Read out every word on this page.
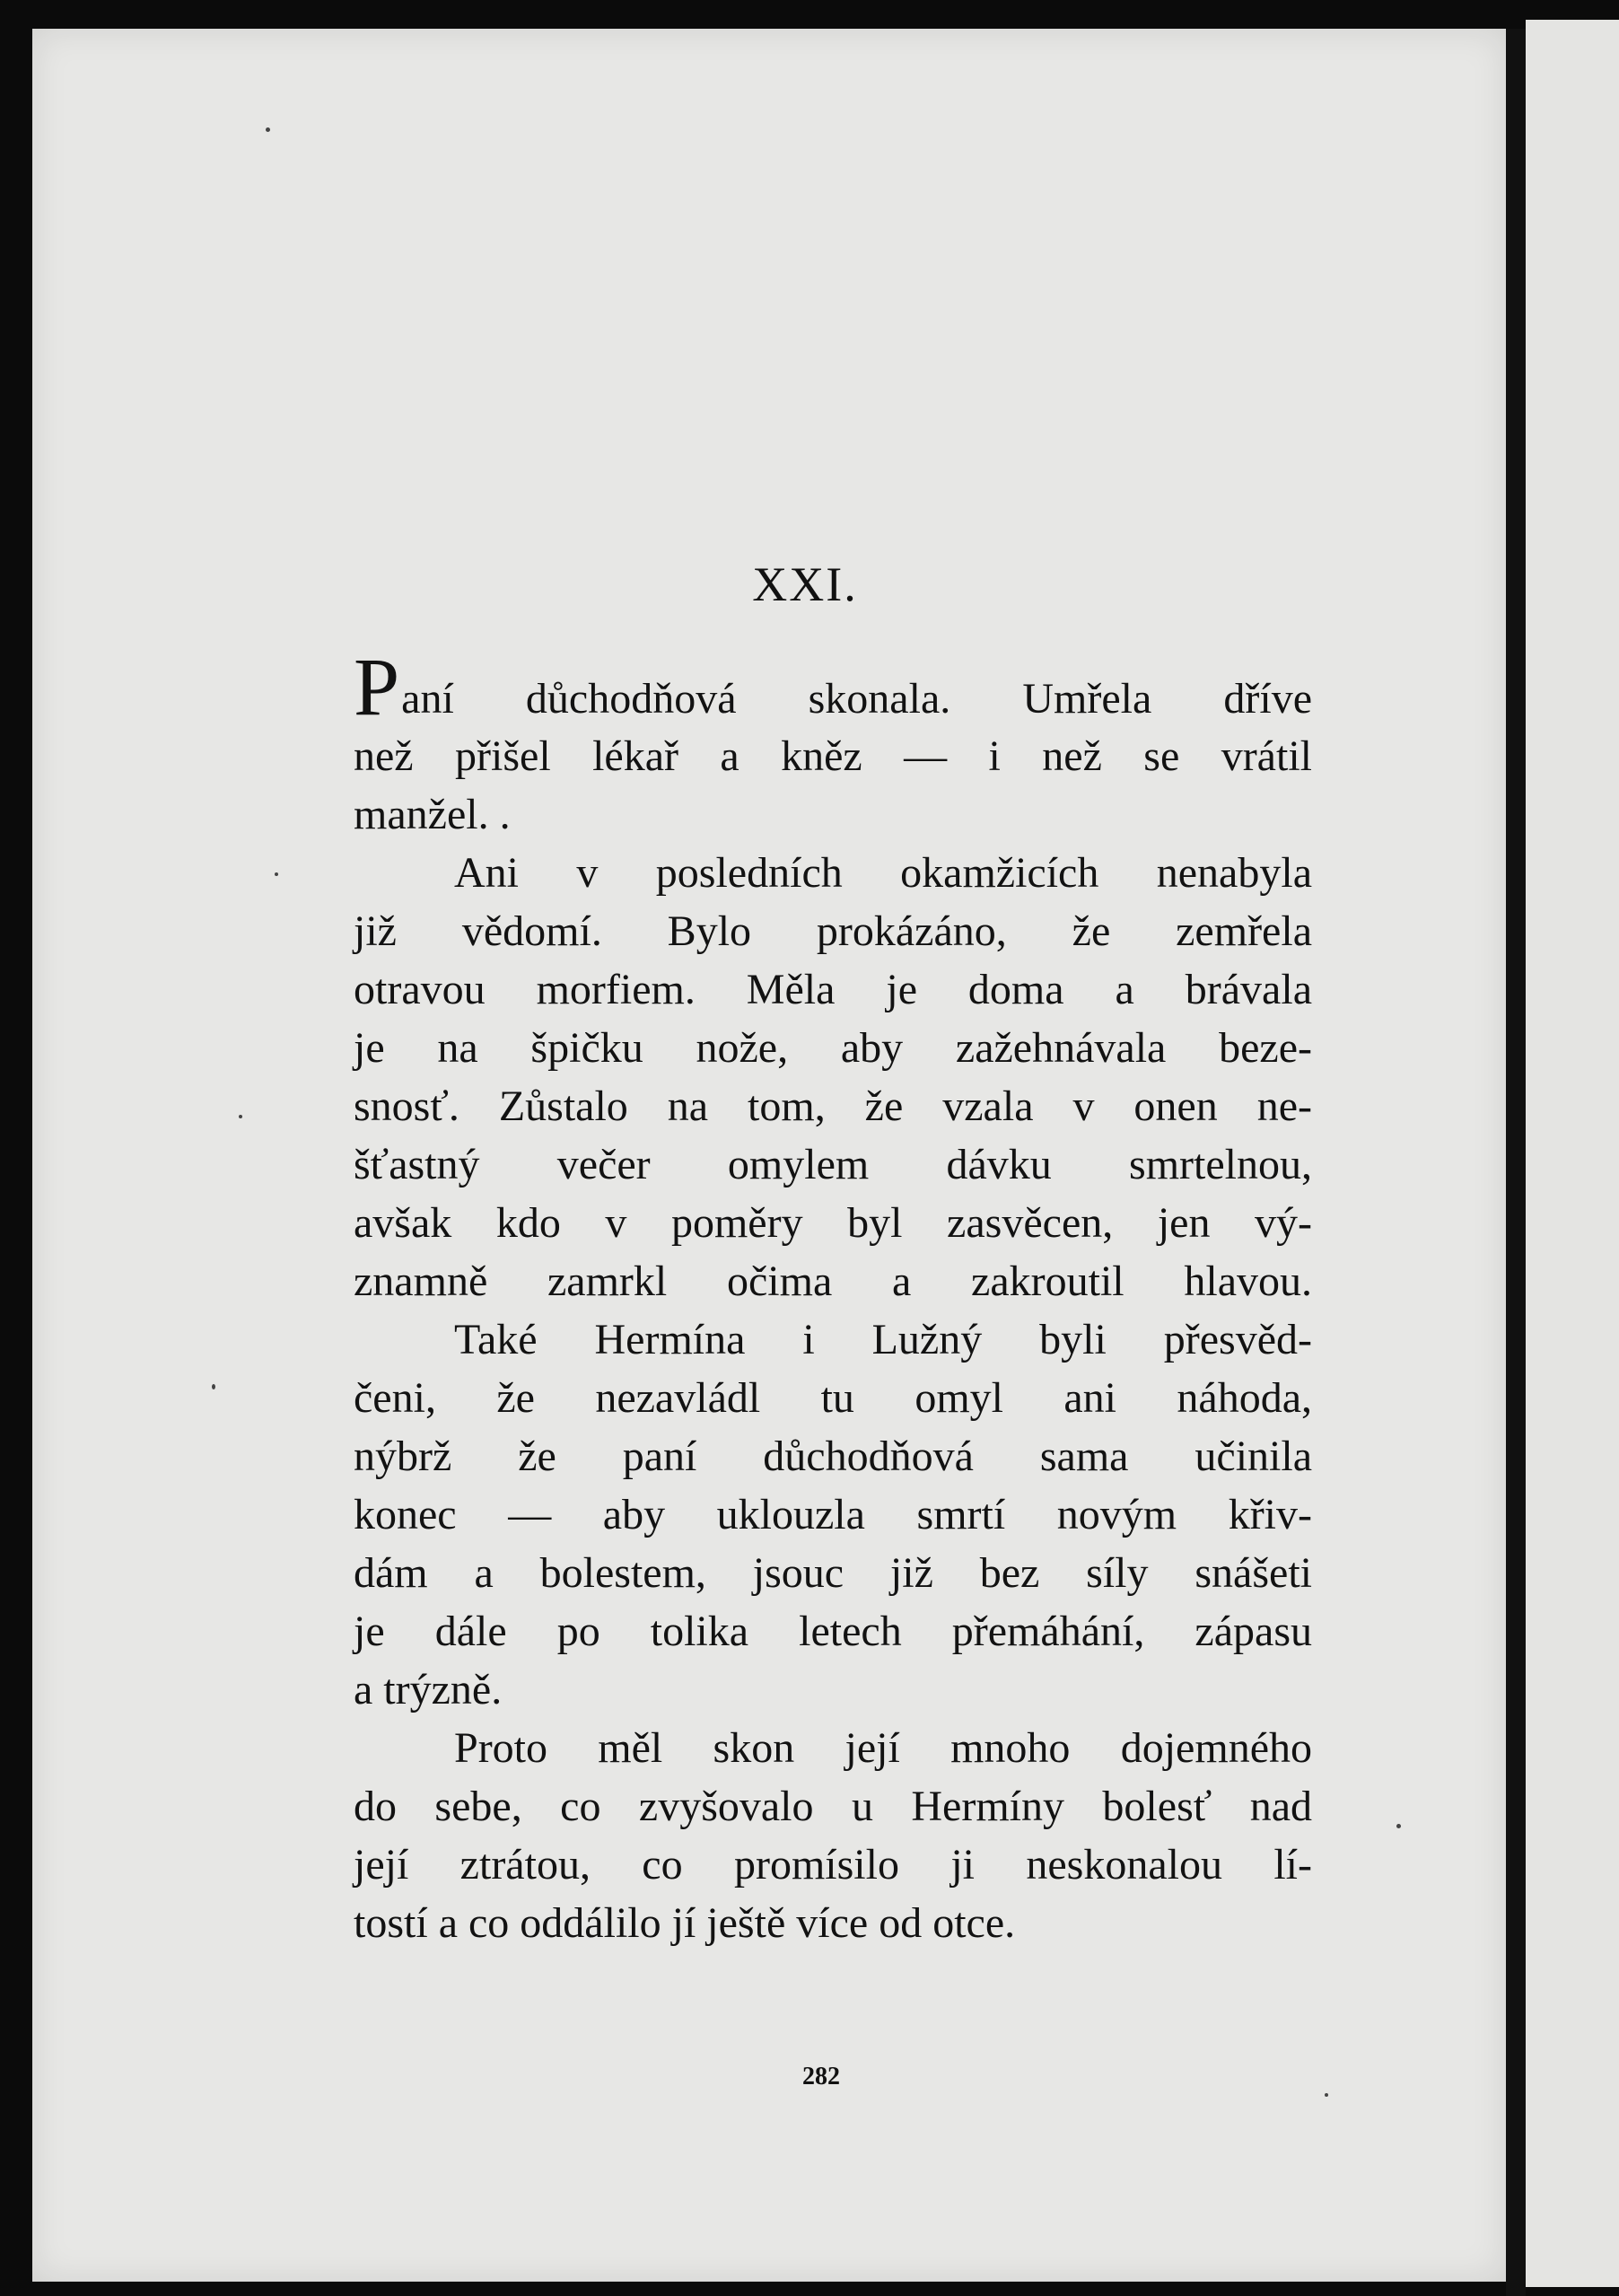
XXI.
Paní důchodňová skonala. Umřela dříve
než přišel lékař a kněz — i než se vrátil
manžel. .
Ani v posledních okamžicích nenabyla
již vědomí. Bylo prokázáno, že zemřela
otravou morfiem. Měla je doma a brávala
je na špičku nože, aby zažehnávala beze-
snosť. Zůstalo na tom, že vzala v onen ne-
šťastný večer omylem dávku smrtelnou,
avšak kdo v poměry byl zasvěcen, jen vý-
znamně zamrkl očima a zakroutil hlavou.
Také Hermína i Lužný byli přesvěd-
čeni, že nezavládl tu omyl ani náhoda,
nýbrž že paní důchodňová sama učinila
konec — aby uklouzla smrtí novým křiv-
dám a bolestem, jsouc již bez síly snášeti
je dále po tolika letech přemáhání, zápasu
a trýzně.
Proto měl skon její mnoho dojemného
do sebe, co zvyšovalo u Hermíny bolesť nad
její ztrátou, co promísilo ji neskonalou lí-
tostí a co oddálilo jí ještě více od otce.
282
